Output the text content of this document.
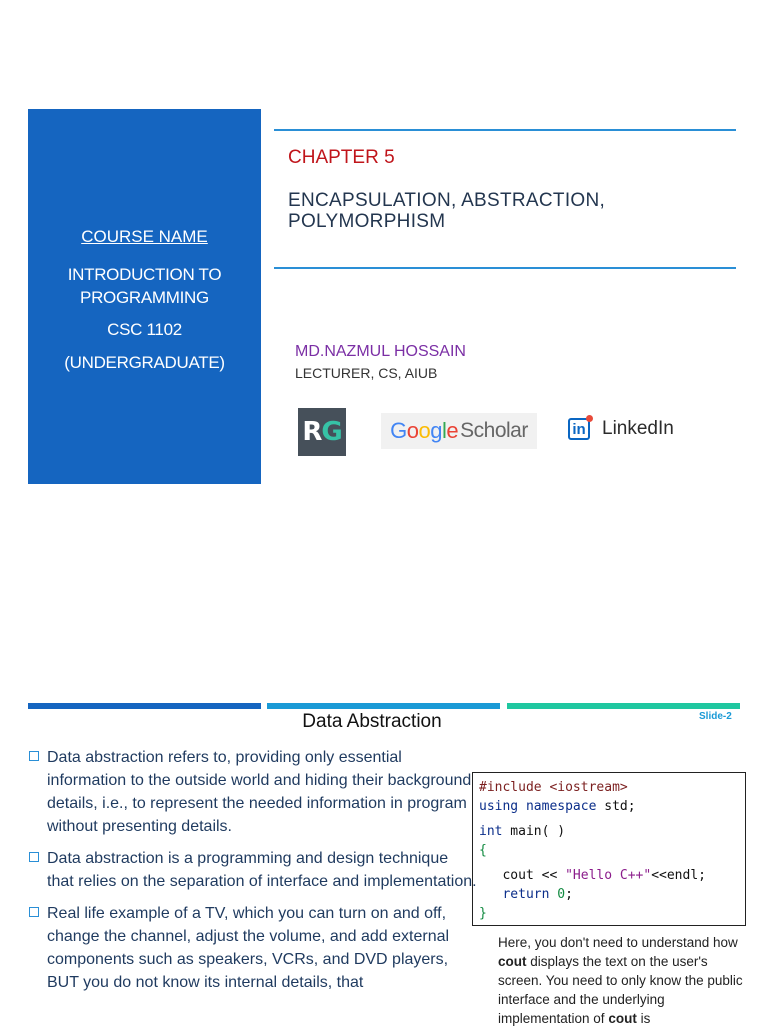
COURSE NAME
INTRODUCTION TO
PROGRAMMING
CSC 1102
(UNDERGRADUATE)
CHAPTER 5
ENCAPSULATION, ABSTRACTION, POLYMORPHISM
MD.NAZMUL HOSSAIN
LECTURER, CS, AIUB
R G G o o g l e Scholar	in LinkedIn
Data Abstraction	Slide-2
Data abstraction refers to, providing only essential information to the outside world and hiding their background details, i.e., to represent the needed information in program without presenting details.
Data abstraction is a programming and design technique that relies on the separation of interface and implementation.
Real life example of a TV, which you can turn on and off, change the channel, adjust the volume, and add external components such as speakers, VCRs, and DVD players, BUT you do not know its internal details, that
#include <iostream>
using namespace std;
int main( )
{
cout << "Hello C++"<<endl;
return 0;
}
Here, you don't need to understand how cout displays the text on the user's screen. You need to only know the public interface and the underlying implementation of cout is
